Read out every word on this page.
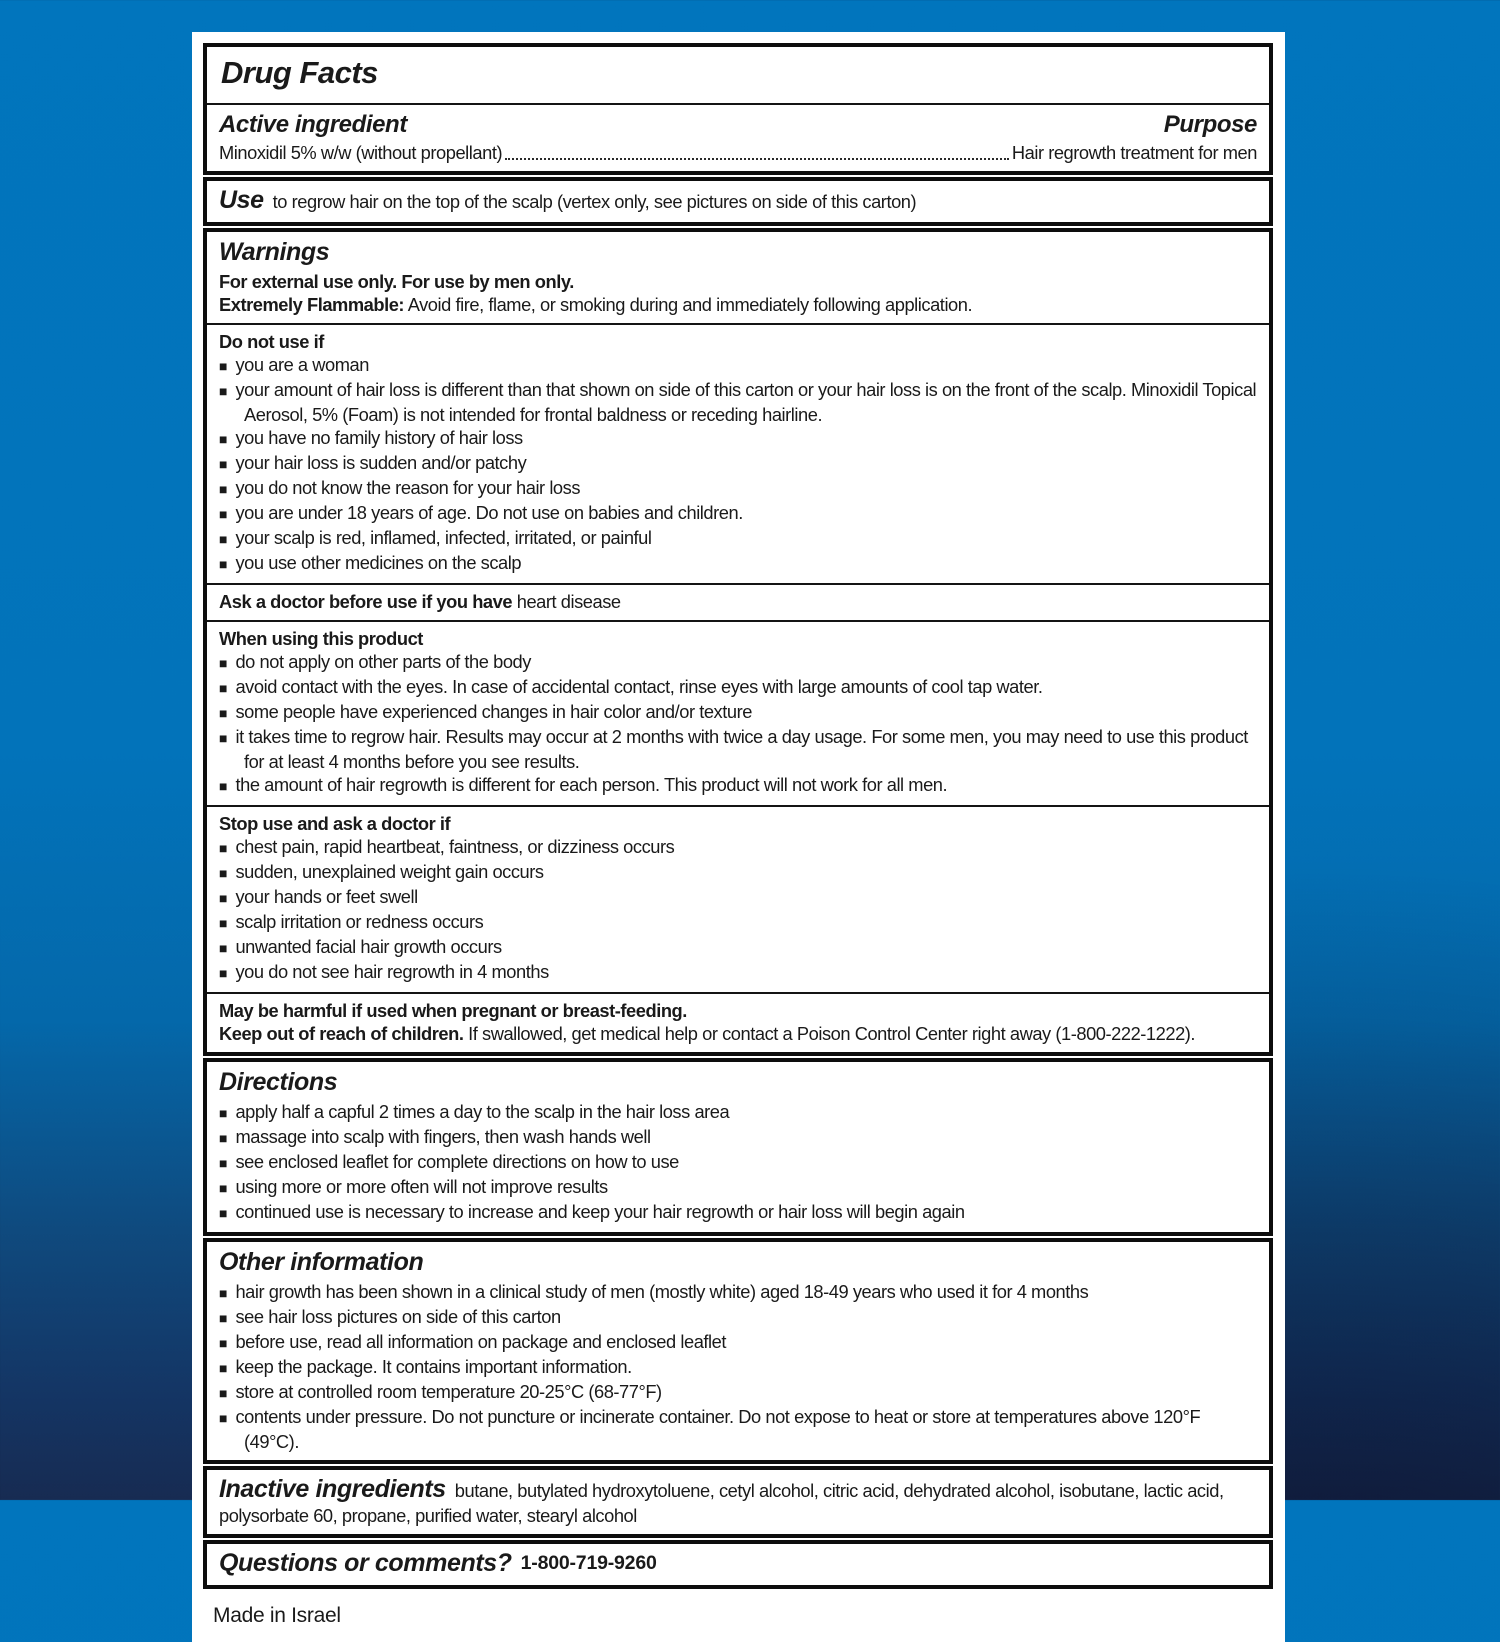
Drug Facts
Active ingredient	Purpose
Minoxidil 5% w/w (without propellant)	Hair regrowth treatment for men
Use to regrow hair on the top of the scalp (vertex only, see pictures on side of this carton)
Warnings

For external use only. For use by men only.

Extremely Flammable: Avoid fire, flame, or smoking during and immediately following application.

Do not use if

■ you are a woman
■ your amount of hair loss is different than that shown on side of this carton or your hair loss is on the front of the scalp. Minoxidil Topical Aerosol, 5% (Foam) is not intended for frontal baldness or receding hairline.
■ you have no family history of hair loss
■ your hair loss is sudden and/or patchy
■ you do not know the reason for your hair loss
■ you are under 18 years of age. Do not use on babies and children.
■ your scalp is red, inflamed, infected, irritated, or painful
■ you use other medicines on the scalp

Ask a doctor before use if you have heart disease

When using this product

■ do not apply on other parts of the body
■ avoid contact with the eyes. In case of accidental contact, rinse eyes with large amounts of cool tap water.
■ some people have experienced changes in hair color and/or texture
■ it takes time to regrow hair. Results may occur at 2 months with twice a day usage. For some men, you may need to use this product for at least 4 months before you see results.
■ the amount of hair regrowth is different for each person. This product will not work for all men.

Stop use and ask a doctor if

■ chest pain, rapid heartbeat, faintness, or dizziness occurs
■ sudden, unexplained weight gain occurs
■ your hands or feet swell
■ scalp irritation or redness occurs
■ unwanted facial hair growth occurs
■ you do not see hair regrowth in 4 months

May be harmful if used when pregnant or breast-feeding.

Keep out of reach of children. If swallowed, get medical help or contact a Poison Control Center right away (1-800-222-1222).

Directions
■ apply half a capful 2 times a day to the scalp in the hair loss area
■ massage into scalp with fingers, then wash hands well
■ see enclosed leaflet for complete directions on how to use
■ using more or more often will not improve results
■ continued use is necessary to increase and keep your hair regrowth or hair loss will begin again
Other information
■ hair growth has been shown in a clinical study of men (mostly white) aged 18-49 years who used it for 4 months
■ see hair loss pictures on side of this carton
■ before use, read all information on package and enclosed leaflet
■ keep the package. It contains important information.
■ store at controlled room temperature 20-25°C (68-77°F)
■ contents under pressure. Do not puncture or incinerate container. Do not expose to heat or store at temperatures above 120°F (49°C).
Inactive ingredients butane, butylated hydroxytoluene, cetyl alcohol, citric acid, dehydrated alcohol, isobutane, lactic acid, polysorbate 60, propane, purified water, stearyl alcohol
Questions or comments? 1-800-719-9260
Made in Israel
